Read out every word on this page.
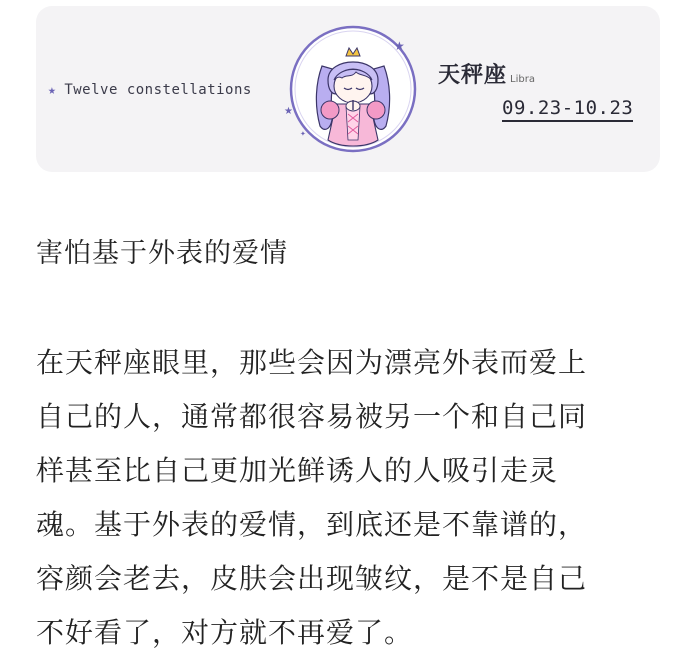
★ Twelve constellations
★
★
✦
天秤座 Libra
09.23-10.23
害怕基于外表的爱情

在天秤座眼里，那些会因为漂亮外表而爱上
自己的人，通常都很容易被另一个和自己同
样甚至比自己更加光鲜诱人的人吸引走灵
魂。基于外表的爱情，到底还是不靠谱的，
容颜会老去，皮肤会出现皱纹，是不是自己
不好看了，对方就不再爱了。
